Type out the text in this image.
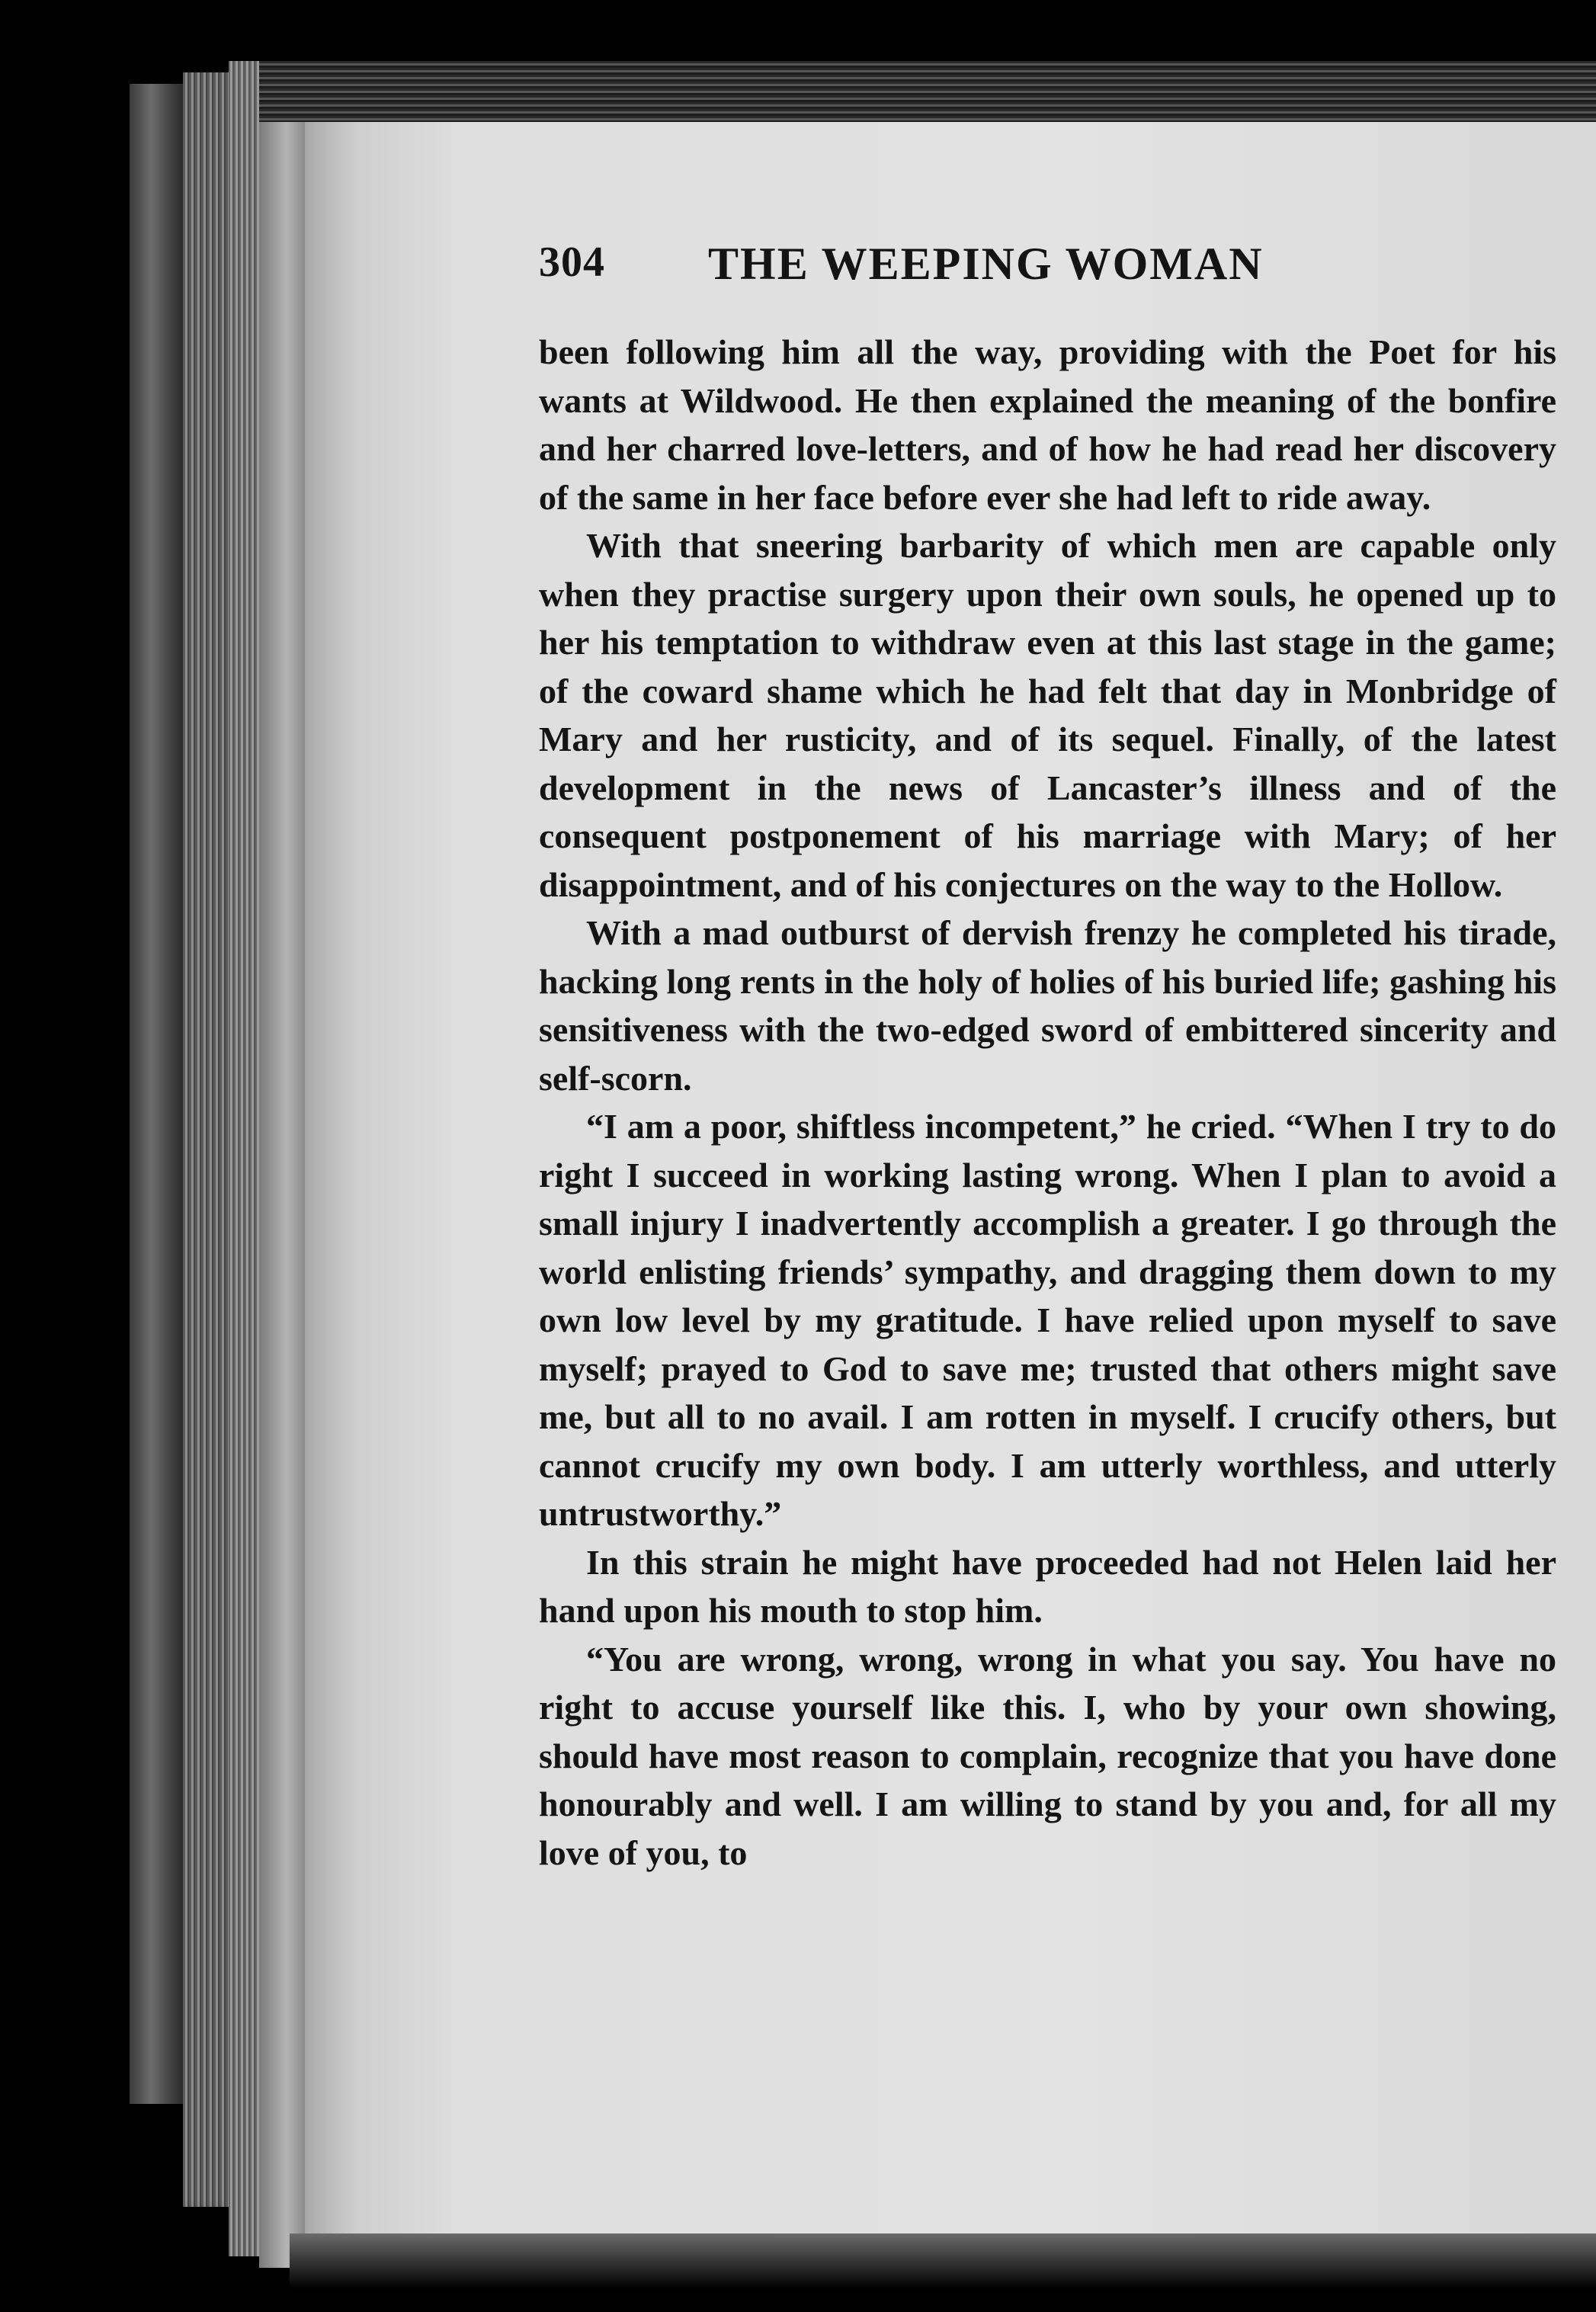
304 THE WEEPING WOMAN

been following him all the way, providing with the Poet for his wants at Wildwood. He then explained the meaning of the bonfire and her charred love-letters, and of how he had read her discovery of the same in her face before ever she had left to ride away.

With that sneering barbarity of which men are capable only when they practise surgery upon their own souls, he opened up to her his temptation to withdraw even at this last stage in the game; of the coward shame which he had felt that day in Monbridge of Mary and her rusticity, and of its sequel. Finally, of the latest development in the news of Lancaster’s illness and of the consequent postponement of his marriage with Mary; of her disappointment, and of his conjectures on the way to the Hollow.

With a mad outburst of dervish frenzy he completed his tirade, hacking long rents in the holy of holies of his buried life; gashing his sensitiveness with the two-edged sword of embittered sincerity and self-scorn.

“I am a poor, shiftless incompetent,” he cried. “When I try to do right I succeed in working lasting wrong. When I plan to avoid a small injury I inadvertently accomplish a greater. I go through the world enlisting friends’ sympathy, and dragging them down to my own low level by my gratitude. I have relied upon myself to save myself; prayed to God to save me; trusted that others might save me, but all to no avail. I am rotten in myself. I crucify others, but cannot crucify my own body. I am utterly worthless, and utterly untrustworthy.”

In this strain he might have proceeded had not Helen laid her hand upon his mouth to stop him.

“You are wrong, wrong, wrong in what you say. You have no right to accuse yourself like this. I, who by your own showing, should have most reason to complain, recognize that you have done honourably and well. I am willing to stand by you and, for all my love of you, to
